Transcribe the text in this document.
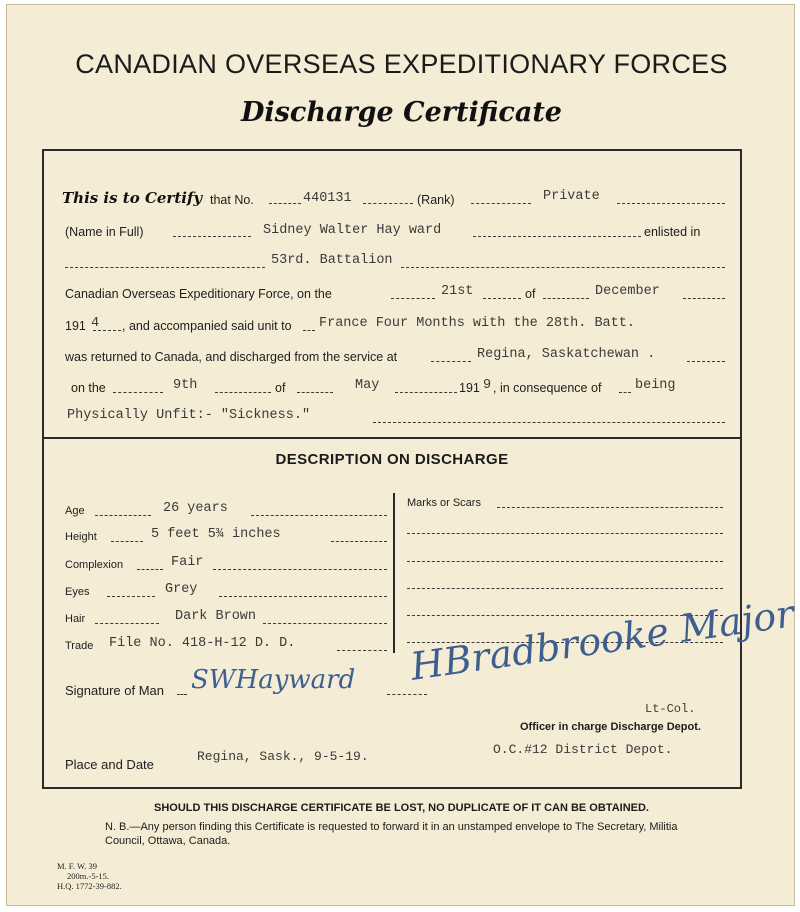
CANADIAN OVERSEAS EXPEDITIONARY FORCES
Discharge Certificate
This is to Certify that No.	440131	(Rank)	Private
(Name in Full)	Sidney Walter Hay ward	enlisted in
53rd. Battalion
Canadian Overseas Expeditionary Force, on the	21st	of	December
191 4 , and accompanied said unit to France Four Months with the 28th. Batt.
was returned to Canada, and discharged from the service at	Regina, Saskatchewan .
on the	9th	of	May	191 9 , in consequence of being
Physically Unfit:- "Sickness."
DESCRIPTION ON DISCHARGE
Age	26 years
Height	5 feet 5¾ inches
Complexion	Fair
Eyes	Grey
Hair	Dark Brown
Trade File No. 418-H-12 D. D.
Marks or Scars
Signature of Man SWHayward HBradbrooke Major
Lt-Col.
Officer in charge Discharge Depot.
O.C.#12 District Depot.
Place and Date
Regina, Sask., 9-5-19.
SHOULD THIS DISCHARGE CERTIFICATE BE LOST, NO DUPLICATE OF IT CAN BE OBTAINED.
N. B.—Any person finding this Certificate is requested to forward it in an unstamped envelope to The Secretary, Militia Council, Ottawa, Canada.
M. F. W. 39
200m.-5-15.
H.Q. 1772-39-882.
